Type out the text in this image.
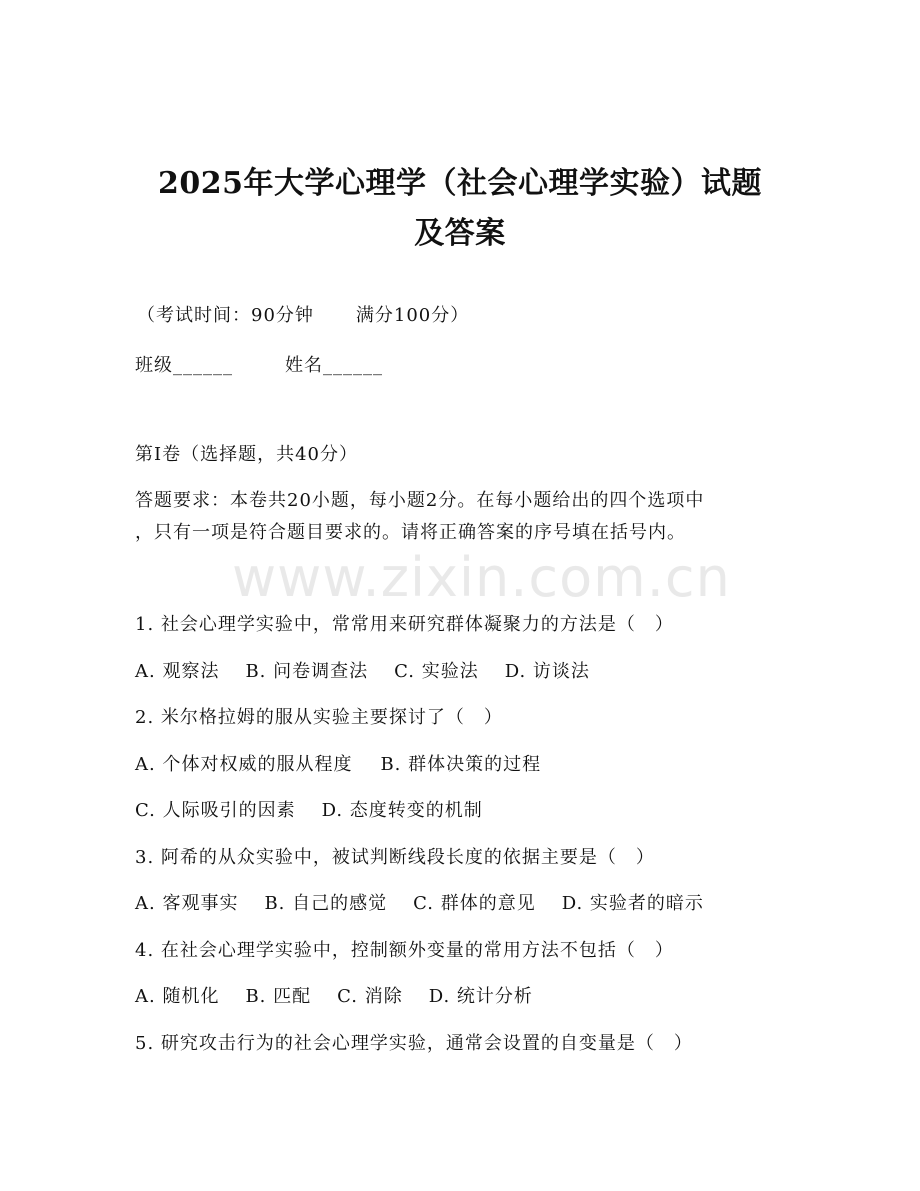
2025年大学心理学（社会心理学实验）试题
及答案
（考试时间：90分钟 满分100分）
班级______	姓名______
第I卷（选择题，共40分）
答题要求：本卷共20小题，每小题2分。在每小题给出的四个选项中
，只有一项是符合题目要求的。请将正确答案的序号填在括号内。
www.zixin.com.cn
1. 社会心理学实验中，常常用来研究群体凝聚力的方法是（　）
A. 观察法 B. 问卷调查法 C. 实验法 D. 访谈法
2. 米尔格拉姆的服从实验主要探讨了（　）
A. 个体对权威的服从程度 B. 群体决策的过程
C. 人际吸引的因素 D. 态度转变的机制
3. 阿希的从众实验中，被试判断线段长度的依据主要是（　）
A. 客观事实 B. 自己的感觉 C. 群体的意见 D. 实验者的暗示
4. 在社会心理学实验中，控制额外变量的常用方法不包括（　）
A. 随机化 B. 匹配 C. 消除 D. 统计分析
5. 研究攻击行为的社会心理学实验，通常会设置的自变量是（　）
